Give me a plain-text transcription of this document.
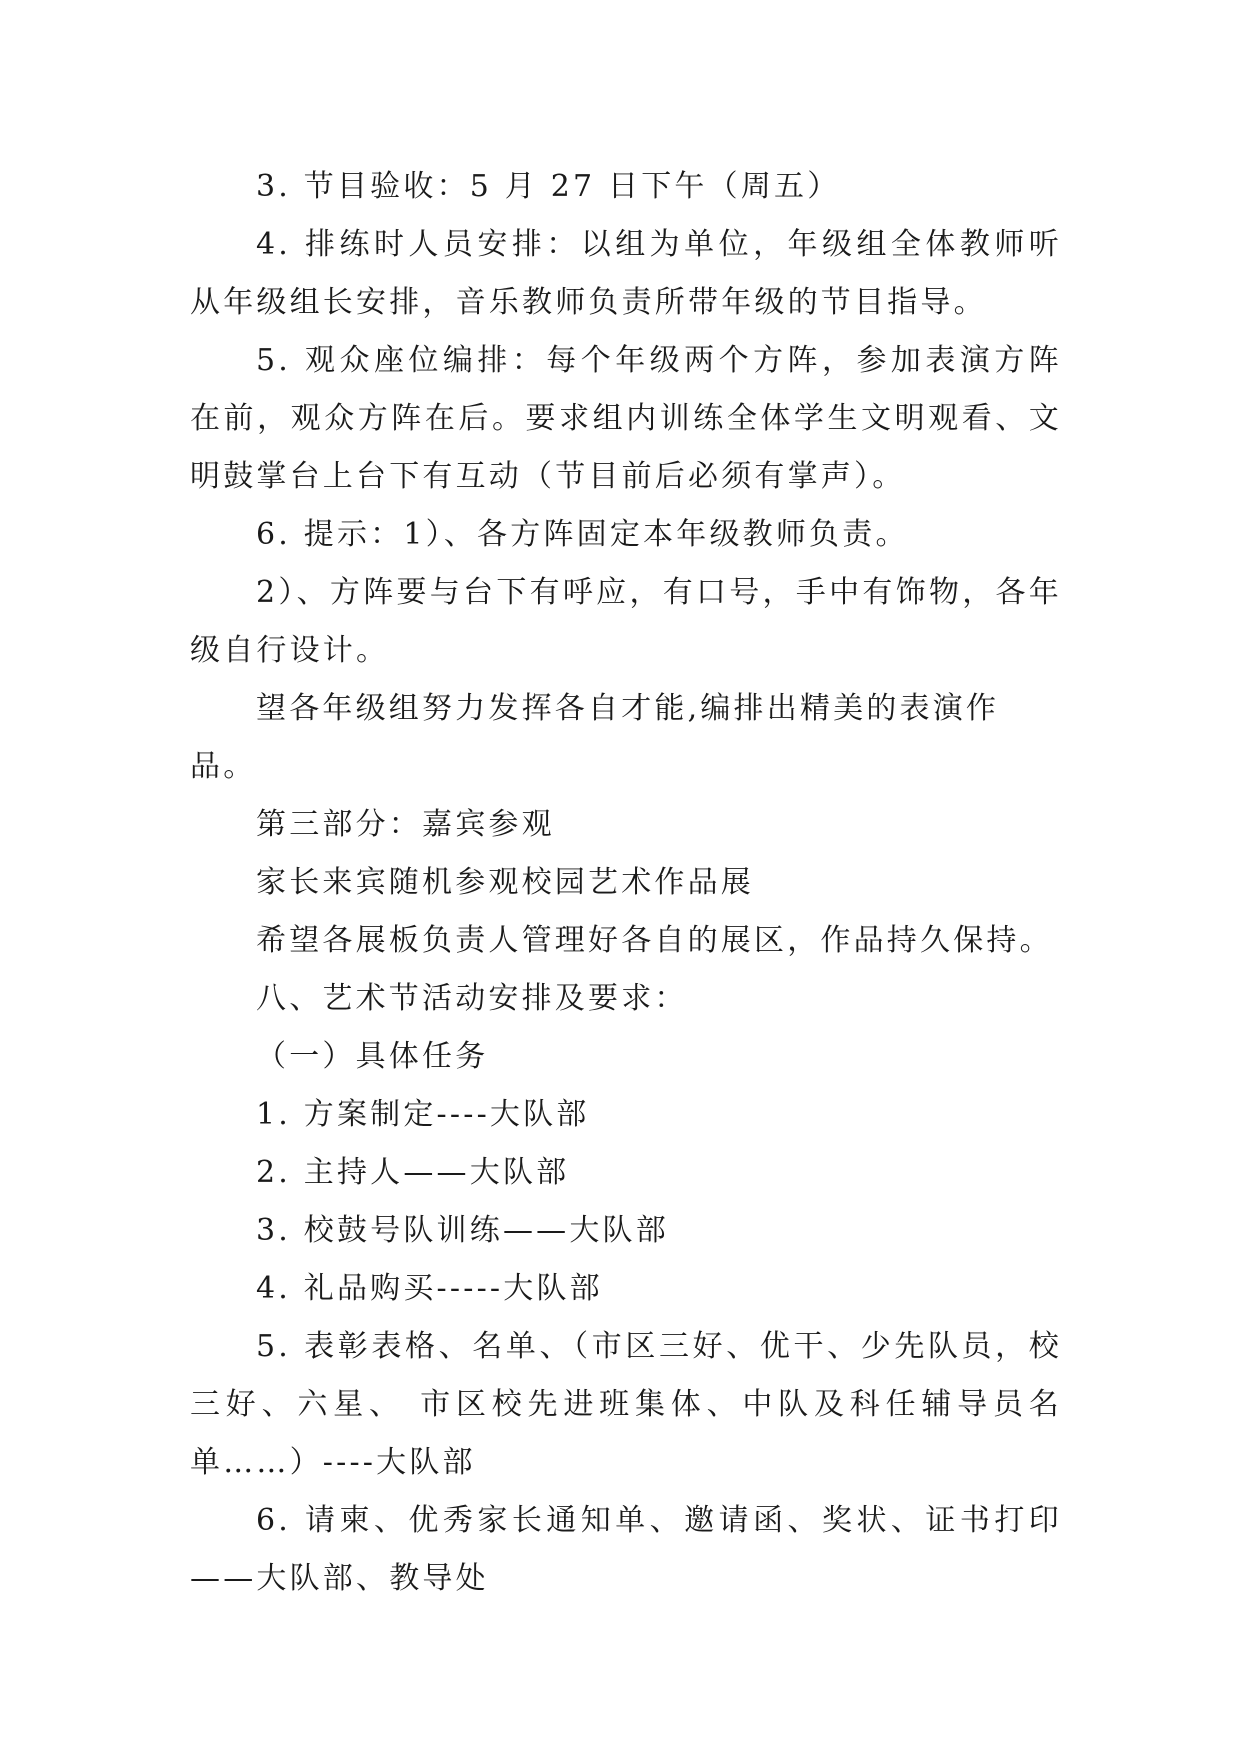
3. 节目验收：5 月 27 日下午（周五）

4. 排练时人员安排：以组为单位，年级组全体教师听从年级组长安排，音乐教师负责所带年级的节目指导。

5. 观众座位编排：每个年级两个方阵，参加表演方阵在前，观众方阵在后。要求组内训练全体学生文明观看、文明鼓掌台上台下有互动（节目前后必须有掌声）。

6. 提示：1）、各方阵固定本年级教师负责。

2）、方阵要与台下有呼应，有口号，手中有饰物，各年级自行设计。

望各年级组努力发挥各自才能,编排出精美的表演作品。

第三部分：嘉宾参观

家长来宾随机参观校园艺术作品展

希望各展板负责人管理好各自的展区，作品持久保持。

八、艺术节活动安排及要求：

（一）具体任务

1. 方案制定----大队部

2. 主持人——大队部

3. 校鼓号队训练——大队部

4. 礼品购买-----大队部

5. 表彰表格、名单、（市区三好、优干、少先队员，校三好、六星、 市区校先进班集体、中队及科任辅导员名单……）----大队部

6. 请柬、优秀家长通知单、邀请函、奖状、证书打印——大队部、教导处
